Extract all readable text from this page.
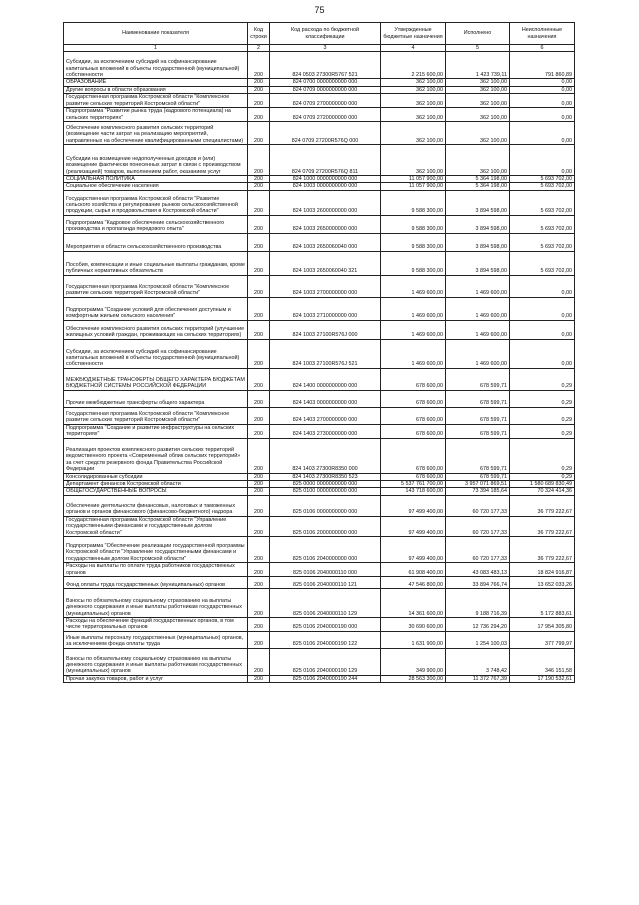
75
Наименование показателя	Код строки	Код расхода по бюджетной классификации	Утвержденные бюджетные назначения	Исполнено	Неисполненные назначения
1	2	3	4	5	6
Субсидии, за исключением субсидий на софинансирование капитальных вложений в объекты государственной (муниципальной) собственности	200	824 0503 27300R5767 521	2 215 600,00	1 423 739,11	791 860,89
ОБРАЗОВАНИЕ	200	824 0700 0000000000 000	362 100,00	362 100,00	0,00
Другие вопросы в области образования	200	824 0709 0000000000 000	362 100,00	362 100,00	0,00
Государственная программа Костромской области "Комплексное развитие сельских территорий Костромской области"	200	824 0709 2700000000 000	362 100,00	362 100,00	0,00
Подпрограмма "Развитие рынка труда (кадрового потенциала) на сельских территориях"	200	824 0709 2720000000 000	362 100,00	362 100,00	0,00
Обеспечение комплексного развития сельских территорий (возмещение части затрат на реализацию мероприятий, направленных на обеспечение квалифицированными специалистами)	200	824 0709 27200R576Q 000	362 100,00	362 100,00	0,00
Субсидии на возмещение недополученных доходов и (или) возмещение фактически понесенных затрат в связи с производством (реализацией) товаров, выполнением работ, оказанием услуг	200	824 0709 27200R576Q 811	362 100,00	362 100,00	0,00
СОЦИАЛЬНАЯ ПОЛИТИКА	200	824 1000 0000000000 000	11 057 900,00	5 364 198,00	5 693 702,00
Социальное обеспечение населения	200	824 1003 0000000000 000	11 057 900,00	5 364 198,00	5 693 702,00
Государственная программа Костромской области "Развитие сельского хозяйства и регулирование рынков сельскохозяйственной продукции, сырья и продовольствия в Костромской области"	200	824 1003 2600000000 000	9 588 300,00	3 894 598,00	5 693 702,00
Подпрограмма "Кадровое обеспечение сельскохозяйственного производства и пропаганда передового опыта"	200	824 1003 2650000000 000	9 588 300,00	3 894 598,00	5 693 702,00
Мероприятия в области сельскохозяйственного производства	200	824 1003 2650060040 000	9 588 300,00	3 894 598,00	5 693 702,00
Пособия, компенсации и иные социальные выплаты гражданам, кроме публичных нормативных обязательств	200	824 1003 2650060040 321	9 588 300,00	3 894 598,00	5 693 702,00
Государственная программа Костромской области "Комплексное развитие сельских территорий Костромской области"	200	824 1003 2700000000 000	1 469 600,00	1 469 600,00	0,00
Подпрограмма "Создание условий для обеспечения доступным и комфортным жильем сельского населения"	200	824 1003 2710000000 000	1 469 600,00	1 469 600,00	0,00
Обеспечение комплексного развития сельских территорий (улучшение жилищных условий граждан, проживающих на сельских территориях)	200	824 1003 27100R576J 000	1 469 600,00	1 469 600,00	0,00
Субсидии, за исключением субсидий на софинансирование капитальных вложений в объекты государственной (муниципальной) собственности	200	824 1003 27100R576J 521	1 469 600,00	1 469 600,00	0,00
МЕЖБЮДЖЕТНЫЕ ТРАНСФЕРТЫ ОБЩЕГО ХАРАКТЕРА БЮДЖЕТАМ БЮДЖЕТНОЙ СИСТЕМЫ РОССИЙСКОЙ ФЕДЕРАЦИИ	200	824 1400 0000000000 000	678 600,00	678 599,71	0,29
Прочие межбюджетные трансферты общего характера	200	824 1403 0000000000 000	678 600,00	678 599,71	0,29
Государственная программа Костромской области "Комплексное развитие сельских территорий Костромской области"	200	824 1403 2700000000 000	678 600,00	678 599,71	0,29
Подпрограмма "Создание и развитие инфраструктуры на сельских территориях"	200	824 1403 2730000000 000	678 600,00	678 599,71	0,29
Реализация проектов комплексного развития сельских территорий ведомственного проекта «Современный облик сельских территорий» за счет средств резервного фонда Правительства Российской Федерации	200	824 1403 27300R8350 000	678 600,00	678 599,71	0,29
Консолидированные субсидии	200	824 1403 27300R8350 523	678 600,00	678 599,71	0,29
Департамент финансов Костромской области	200	825 0000 0000000000 000	5 537 761 700,00	3 957 071 869,51	1 580 689 830,49
ОБЩЕГОСУДАРСТВЕННЫЕ ВОПРОСЫ	200	825 0100 0000000000 000	143 718 600,00	73 394 185,64	70 324 414,36
Обеспечение деятельности финансовых, налоговых и таможенных органов и органов финансового (финансово-бюджетного) надзора	200	825 0106 0000000000 000	97 499 400,00	60 720 177,33	36 779 222,67
Государственная программа Костромской области "Управление государственными финансами и государственным долгом Костромской области"	200	825 0106 2000000000 000	97 499 400,00	60 720 177,33	36 779 222,67
Подпрограмма "Обеспечение реализации государственной программы Костромской области "Управление государственными финансами и государственным долгом Костромской области"	200	825 0106 2040000000 000	97 499 400,00	60 720 177,33	36 779 222,67
Расходы на выплаты по оплате труда работников государственных органов	200	825 0106 2040000110 000	61 908 400,00	43 083 483,13	18 824 916,87
Фонд оплаты труда государственных (муниципальных) органов	200	825 0106 2040000110 121	47 546 800,00	33 894 766,74	13 652 033,26
Взносы по обязательному социальному страхованию на выплаты денежного содержания и иные выплаты работникам государственных (муниципальных) органов	200	825 0106 2040000110 129	14 361 600,00	9 188 716,39	5 172 883,61
Расходы на обеспечение функций государственных органов, в том числе территориальных органов	200	825 0106 2040000190 000	30 690 600,00	12 736 294,20	17 954 305,80
Иные выплаты персоналу государственных (муниципальных) органов, за исключением фонда оплаты труда	200	825 0106 2040000190 122	1 631 900,00	1 254 100,03	377 799,97
Взносы по обязательному социальному страхованию на выплаты денежного содержания и иные выплаты работникам государственных (муниципальных) органов	200	825 0106 2040000190 129	349 900,00	3 748,42	346 151,58
Прочая закупка товаров, работ и услуг	200	825 0106 2040000190 244	28 563 300,00	11 372 767,39	17 190 532,61
